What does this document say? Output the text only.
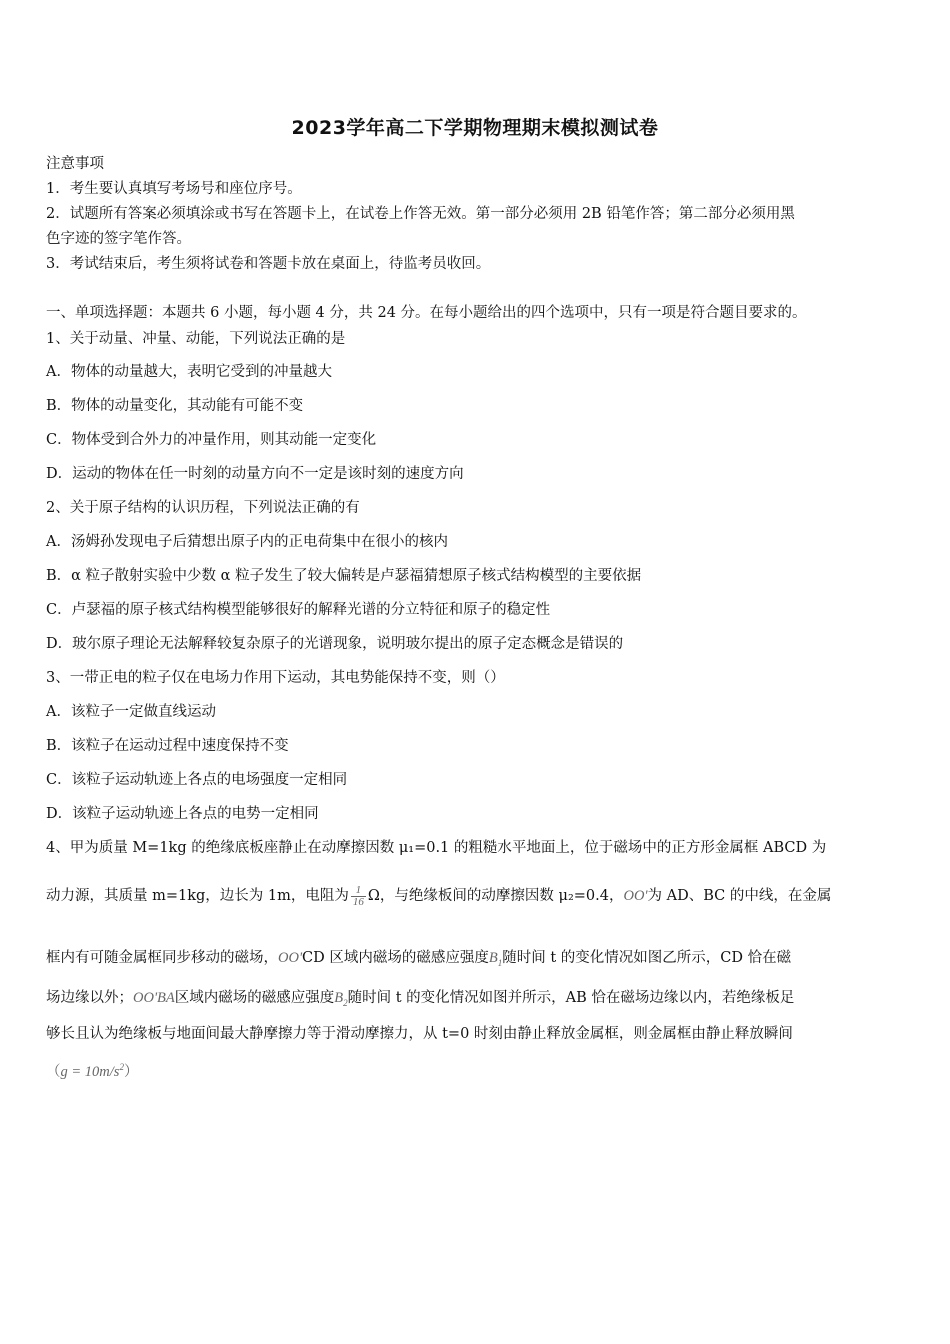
2023学年高二下学期物理期末模拟测试卷
注意事项
1．考生要认真填写考场号和座位序号。
2．试题所有答案必须填涂或书写在答题卡上，在试卷上作答无效。第一部分必须用 2B 铅笔作答；第二部分必须用黑
色字迹的签字笔作答。
3．考试结束后，考生须将试卷和答题卡放在桌面上，待监考员收回。
一、单项选择题：本题共 6 小题，每小题 4 分，共 24 分。在每小题给出的四个选项中，只有一项是符合题目要求的。
1、关于动量、冲量、动能，下列说法正确的是
A．物体的动量越大，表明它受到的冲量越大
B．物体的动量变化，其动能有可能不变
C．物体受到合外力的冲量作用，则其动能一定变化
D．运动的物体在任一时刻的动量方向不一定是该时刻的速度方向
2、关于原子结构的认识历程，下列说法正确的有
A．汤姆孙发现电子后猜想出原子内的正电荷集中在很小的核内
B．α 粒子散射实验中少数 α 粒子发生了较大偏转是卢瑟福猜想原子核式结构模型的主要依据
C．卢瑟福的原子核式结构模型能够很好的解释光谱的分立特征和原子的稳定性
D．玻尔原子理论无法解释较复杂原子的光谱现象，说明玻尔提出的原子定态概念是错误的
3、一带正电的粒子仅在电场力作用下运动，其电势能保持不变，则（）
A．该粒子一定做直线运动
B．该粒子在运动过程中速度保持不变
C．该粒子运动轨迹上各点的电场强度一定相同
D．该粒子运动轨迹上各点的电势一定相同
4、甲为质量 M=1kg 的绝缘底板座静止在动摩擦因数 μ₁=0.1 的粗糙水平地面上，位于磁场中的正方形金属框 ABCD 为
动力源，其质量 m=1kg，边长为 1m，电阻为 $\frac{1}{16}$ Ω，与绝缘板间的动摩擦因数 μ₂=0.4，OO'为 AD、BC 的中线，在金属
框内有可随金属框同步移动的磁场，OO'CD 区域内磁场的磁感应强度$B_1$随时间 t 的变化情况如图乙所示，CD 恰在磁
场边缘以外；OO'BA区域内磁场的磁感应强度$B_2$随时间 t 的变化情况如图并所示，AB 恰在磁场边缘以内，若绝缘板足
够长且认为绝缘板与地面间最大静摩擦力等于滑动摩擦力，从 t=0 时刻由静止释放金属框，则金属框由静止释放瞬间
$(g = 10m/s^2)$
